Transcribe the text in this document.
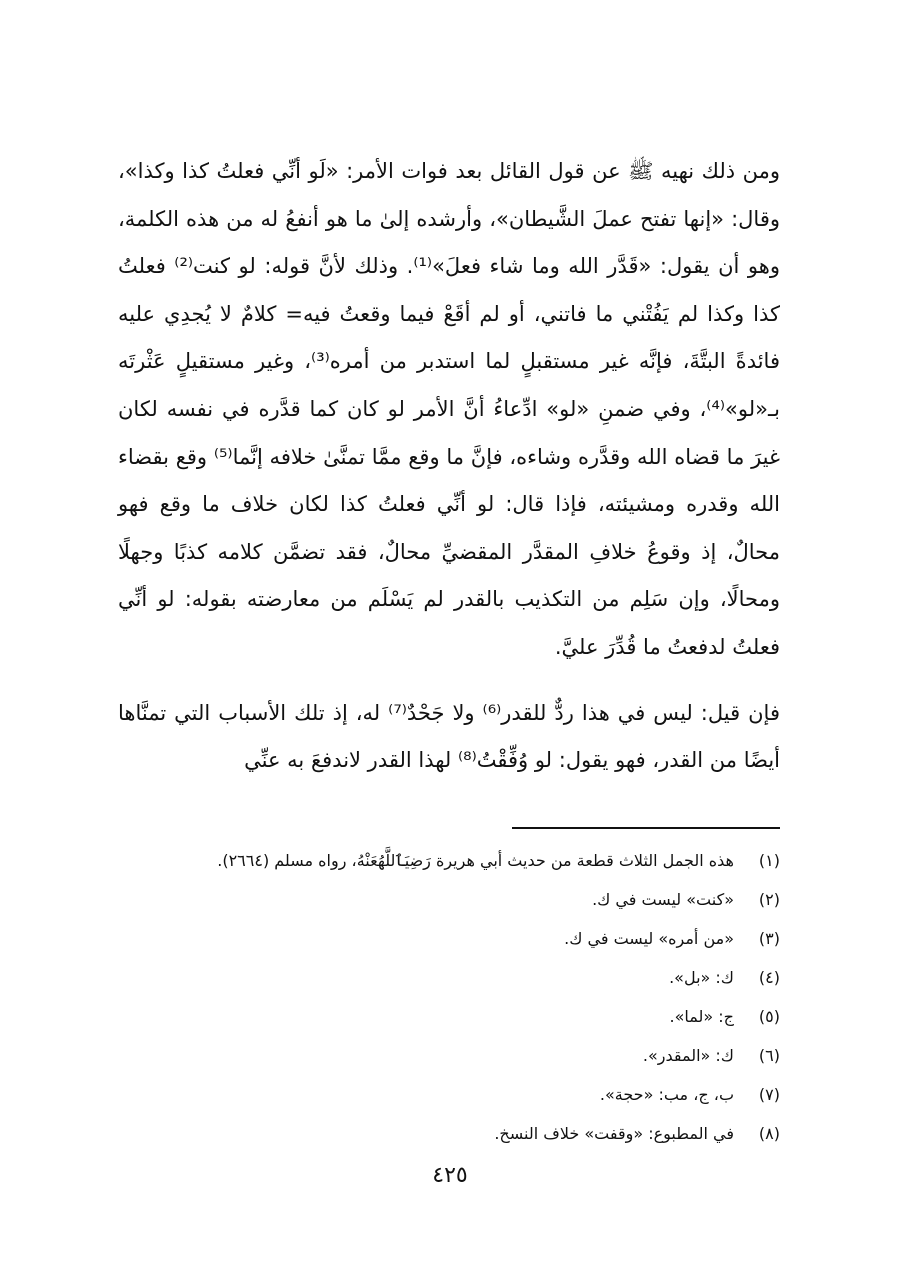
ومن ذلك نهيه ﷺ عن قول القائل بعد فوات الأمر: «لَو أنِّي فعلتُ كذا وكذا»، وقال: «إنها تفتح عملَ الشَّيطان»، وأرشده إلىٰ ما هو أنفعُ له من هذه الكلمة، وهو أن يقول: «قَدَّر الله وما شاء فعلَ»⁽¹⁾. وذلك لأنَّ قوله: لو كنت⁽²⁾ فعلتُ كذا وكذا لم يَفُتْني ما فاتني، أو لم أقَعْ فيما وقعتُ فيه= كلامٌ لا يُجدِي عليه فائدةً البتَّةَ، فإنَّه غير مستقبلٍ لما استدبر من أمره⁽³⁾، وغير مستقيلٍ عَثْرتَه بـ«لو»⁽⁴⁾، وفي ضمنِ «لو» ادِّعاءُ أنَّ الأمر لو كان كما قدَّره في نفسه لكان غيرَ ما قضاه الله وقدَّره وشاءه، فإنَّ ما وقع ممَّا تمنَّىٰ خلافه إنَّما⁽⁵⁾ وقع بقضاء الله وقدره ومشيئته، فإذا قال: لو أنِّي فعلتُ كذا لكان خلاف ما وقع فهو محالٌ، إذ وقوعُ خلافِ المقدَّر المقضيِّ محالٌ، فقد تضمَّن كلامه كذبًا وجهلًا ومحالًا، وإن سَلِم من التكذيب بالقدر لم يَسْلَم من معارضته بقوله: لو أنِّي فعلتُ لدفعتُ ما قُدِّرَ عليَّ.

فإن قيل: ليس في هذا ردٌّ للقدر⁽⁶⁾ ولا جَحْدٌ⁽⁷⁾ له، إذ تلك الأسباب التي تمنَّاها أيضًا من القدر، فهو يقول: لو وُفِّقْتُ⁽⁸⁾ لهذا القدر لاندفعَ به عنِّي

(١)
هذه الجمل الثلاث قطعة من حديث أبي هريرة رَضِيَٱللَّهُعَنْهُ، رواه مسلم (٢٦٦٤).
(٢)
«كنت» ليست في ك.
(٣)
«من أمره» ليست في ك.
(٤)
ك: «بل».
(٥)
ج: «لما».
(٦)
ك: «المقدر».
(٧)
ب، ج، مب: «حجة».
(٨)
في المطبوع: «وقفت» خلاف النسخ.
٤٢٥
